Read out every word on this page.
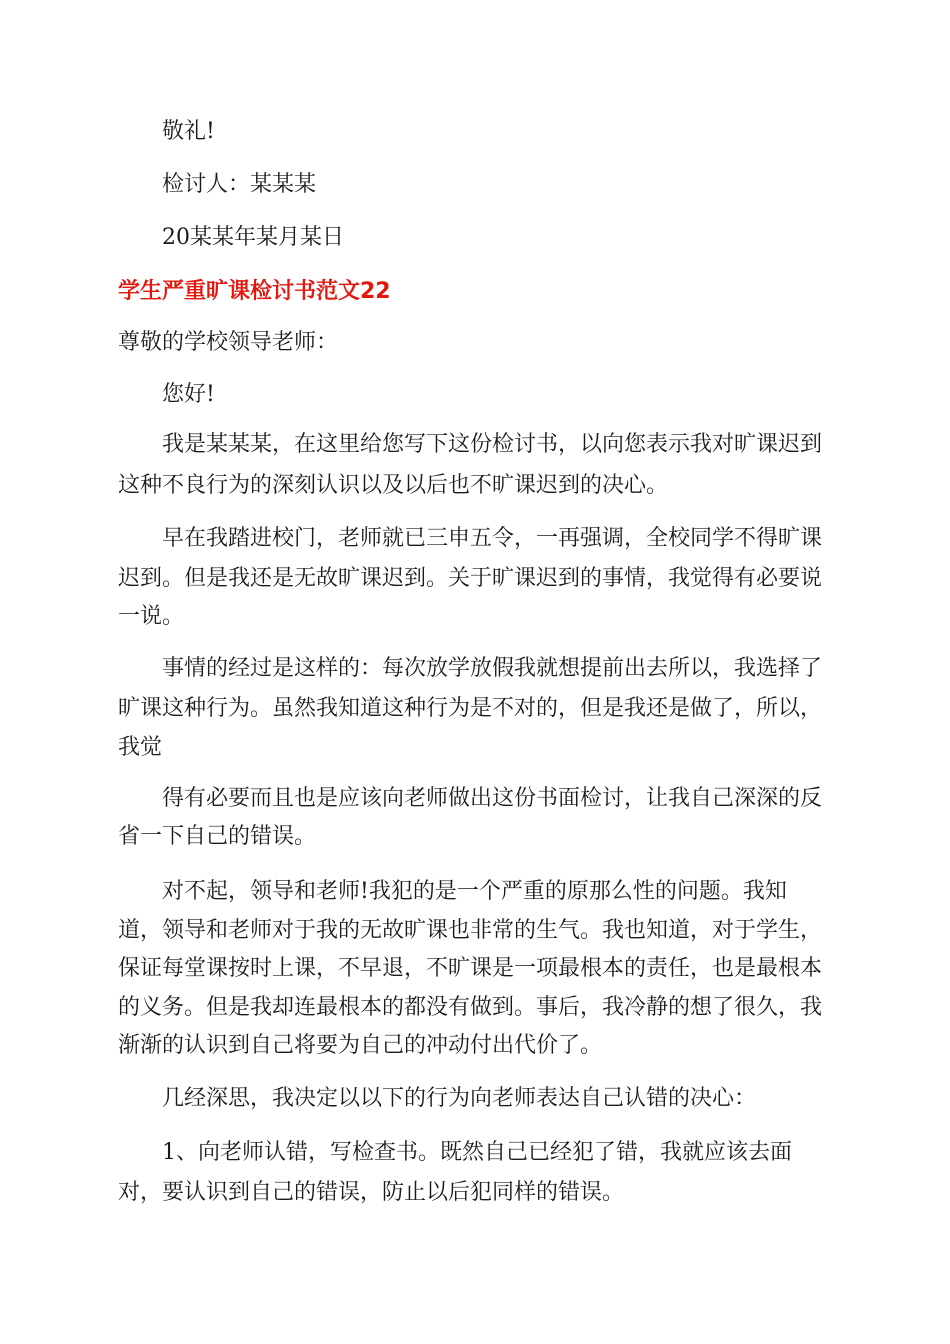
敬礼!
检讨人：某某某
20某某年某月某日
学生严重旷课检讨书范文22
尊敬的学校领导老师：
您好!
我是某某某，在这里给您写下这份检讨书，以向您表示我对旷课迟到
这种不良行为的深刻认识以及以后也不旷课迟到的决心。
早在我踏进校门，老师就已三申五令，一再强调，全校同学不得旷课
迟到。但是我还是无故旷课迟到。关于旷课迟到的事情，我觉得有必要说
一说。
事情的经过是这样的：每次放学放假我就想提前出去所以，我选择了
旷课这种行为。虽然我知道这种行为是不对的，但是我还是做了，所以，
我觉
得有必要而且也是应该向老师做出这份书面检讨，让我自己深深的反
省一下自己的错误。
对不起，领导和老师!我犯的是一个严重的原那么性的问题。我知
道，领导和老师对于我的无故旷课也非常的生气。我也知道，对于学生，
保证每堂课按时上课，不早退，不旷课是一项最根本的责任，也是最根本
的义务。但是我却连最根本的都没有做到。事后，我冷静的想了很久，我
渐渐的认识到自己将要为自己的冲动付出代价了。
几经深思，我决定以以下的行为向老师表达自己认错的决心：
1、向老师认错，写检查书。既然自己已经犯了错，我就应该去面
对，要认识到自己的错误，防止以后犯同样的错误。
